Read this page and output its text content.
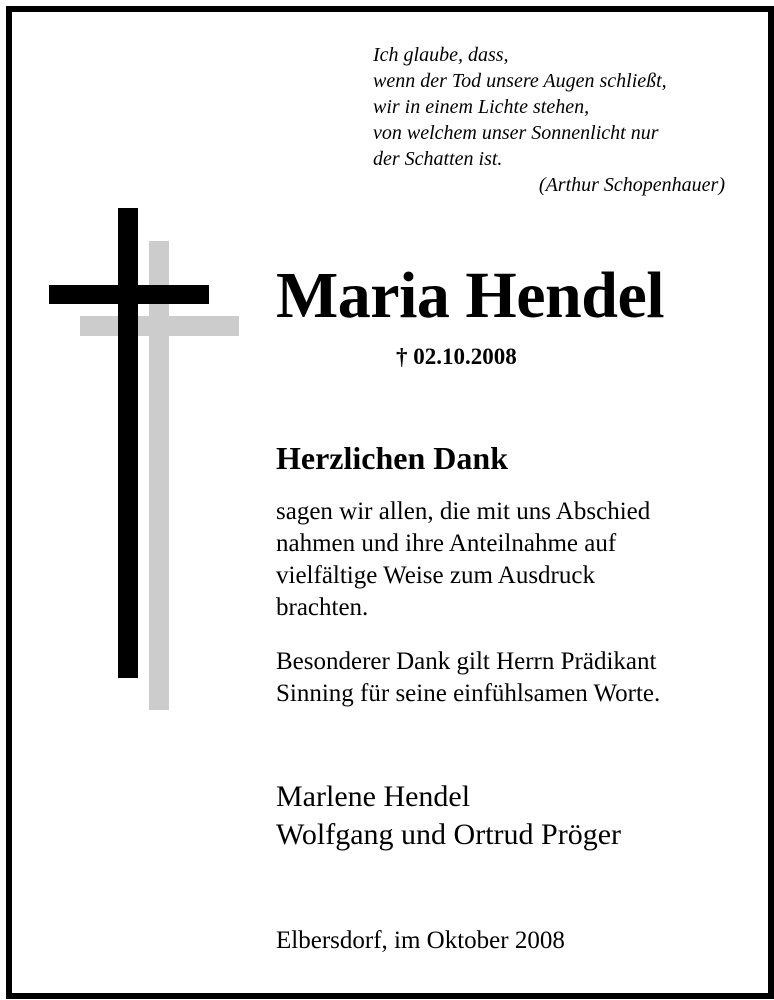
Ich glaube, dass,
wenn der Tod unsere Augen schließt,
wir in einem Lichte stehen,
von welchem unser Sonnenlicht nur
der Schatten ist.
(Arthur Schopenhauer)
Maria Hendel
† 02.10.2008
Herzlichen Dank
sagen wir allen, die mit uns Abschied
nahmen und ihre Anteilnahme auf
vielfältige Weise zum Ausdruck
brachten.
Besonderer Dank gilt Herrn Prädikant
Sinning für seine einfühlsamen Worte.
Marlene Hendel
Wolfgang und Ortrud Pröger
Elbersdorf, im Oktober 2008
